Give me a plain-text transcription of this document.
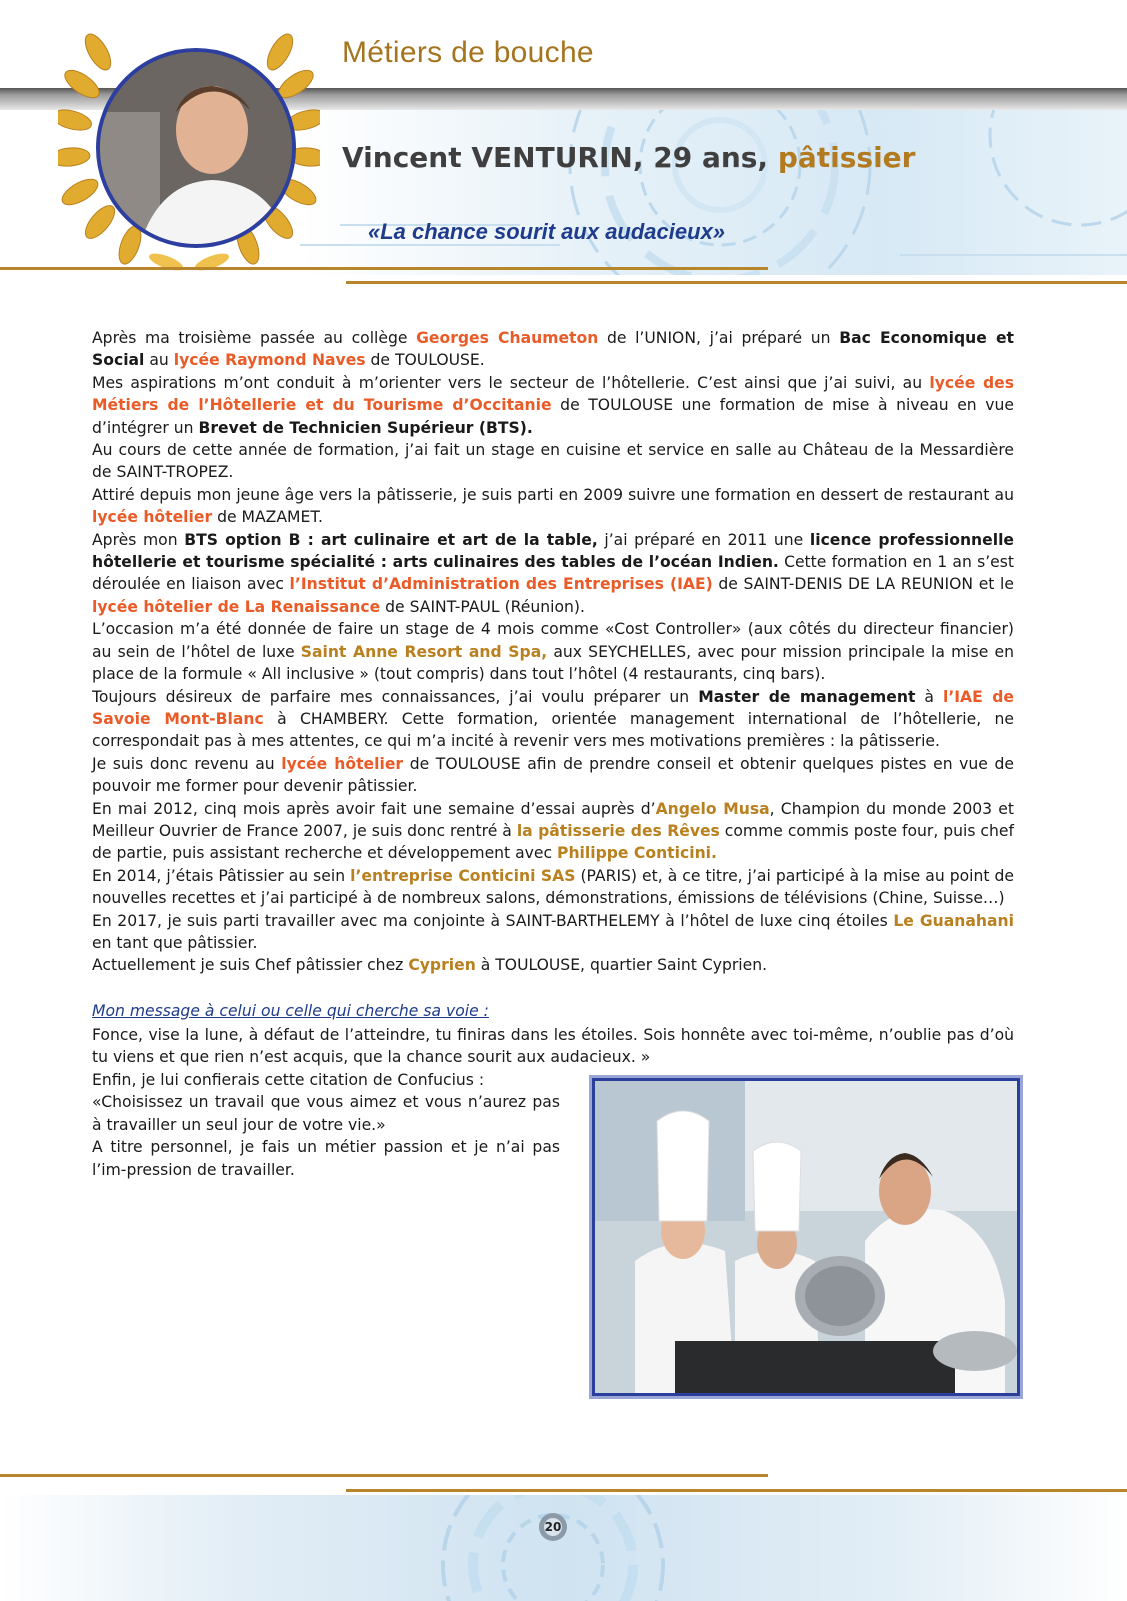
Métiers de bouche
Vincent VENTURIN, 29 ans, pâtissier
«La chance sourit aux audacieux»

Après ma troisième passée au collège Georges Chaumeton de l’UNION, j’ai préparé un Bac Economique et Social au lycée Raymond Naves de TOULOUSE.

Mes aspirations m’ont conduit à m’orienter vers le secteur de l’hôtellerie. C’est ainsi que j’ai suivi, au lycée des Métiers de l’Hôtellerie et du Tourisme d’Occitanie de TOULOUSE une formation de mise à niveau en vue d’intégrer un Brevet de Technicien Supérieur (BTS).

Au cours de cette année de formation, j’ai fait un stage en cuisine et service en salle au Château de la Messardière de SAINT-TROPEZ.

Attiré depuis mon jeune âge vers la pâtisserie, je suis parti en 2009 suivre une formation en dessert de restaurant au lycée hôtelier de MAZAMET.

Après mon BTS option B : art culinaire et art de la table, j’ai préparé en 2011 une licence professionnelle hôtellerie et tourisme spécialité : arts culinaires des tables de l’océan Indien. Cette formation en 1 an s’est déroulée en liaison avec l’Institut d’Administration des Entreprises (IAE) de SAINT-DENIS DE LA REUNION et le lycée hôtelier de La Renaissance de SAINT-PAUL (Réunion).

L’occasion m’a été donnée de faire un stage de 4 mois comme «Cost Controller» (aux côtés du directeur financier) au sein de l’hôtel de luxe Saint Anne Resort and Spa, aux SEYCHELLES, avec pour mission principale la mise en place de la formule « All inclusive » (tout compris) dans tout l’hôtel (4 restaurants, cinq bars).

Toujours désireux de parfaire mes connaissances, j’ai voulu préparer un Master de management à l’IAE de Savoie Mont-Blanc à CHAMBERY. Cette formation, orientée management international de l’hôtellerie, ne correspondait pas à mes attentes, ce qui m’a incité à revenir vers mes motivations premières : la pâtisserie.

Je suis donc revenu au lycée hôtelier de TOULOUSE afin de prendre conseil et obtenir quelques pistes en vue de pouvoir me former pour devenir pâtissier.

En mai 2012, cinq mois après avoir fait une semaine d’essai auprès d’Angelo Musa, Champion du monde 2003 et Meilleur Ouvrier de France 2007, je suis donc rentré à la pâtisserie des Rêves comme commis poste four, puis chef de partie, puis assistant recherche et développement avec Philippe Conticini.

En 2014, j’étais Pâtissier au sein l’entreprise Conticini SAS (PARIS) et, à ce titre, j’ai participé à la mise au point de nouvelles recettes et j’ai participé à de nombreux salons, démonstrations, émissions de télévisions (Chine, Suisse…)

En 2017, je suis parti travailler avec ma conjointe à SAINT-BARTHELEMY à l’hôtel de luxe cinq étoiles Le Guanahani en tant que pâtissier.

Actuellement je suis Chef pâtissier chez Cyprien à TOULOUSE, quartier Saint Cyprien.

Mon message à celui ou celle qui cherche sa voie :

Fonce, vise la lune, à défaut de l’atteindre, tu finiras dans les étoiles. Sois honnête avec toi-même, n’oublie pas d’où tu viens et que rien n’est acquis, que la chance sourit aux audacieux. »

Enfin, je lui confierais cette citation de Confucius :

«Choisissez un travail que vous aimez et vous n’aurez pas à travailler un seul jour de votre vie.»

A titre personnel, je fais un métier passion et je n’ai pas l’im-pression de travailler.

20
